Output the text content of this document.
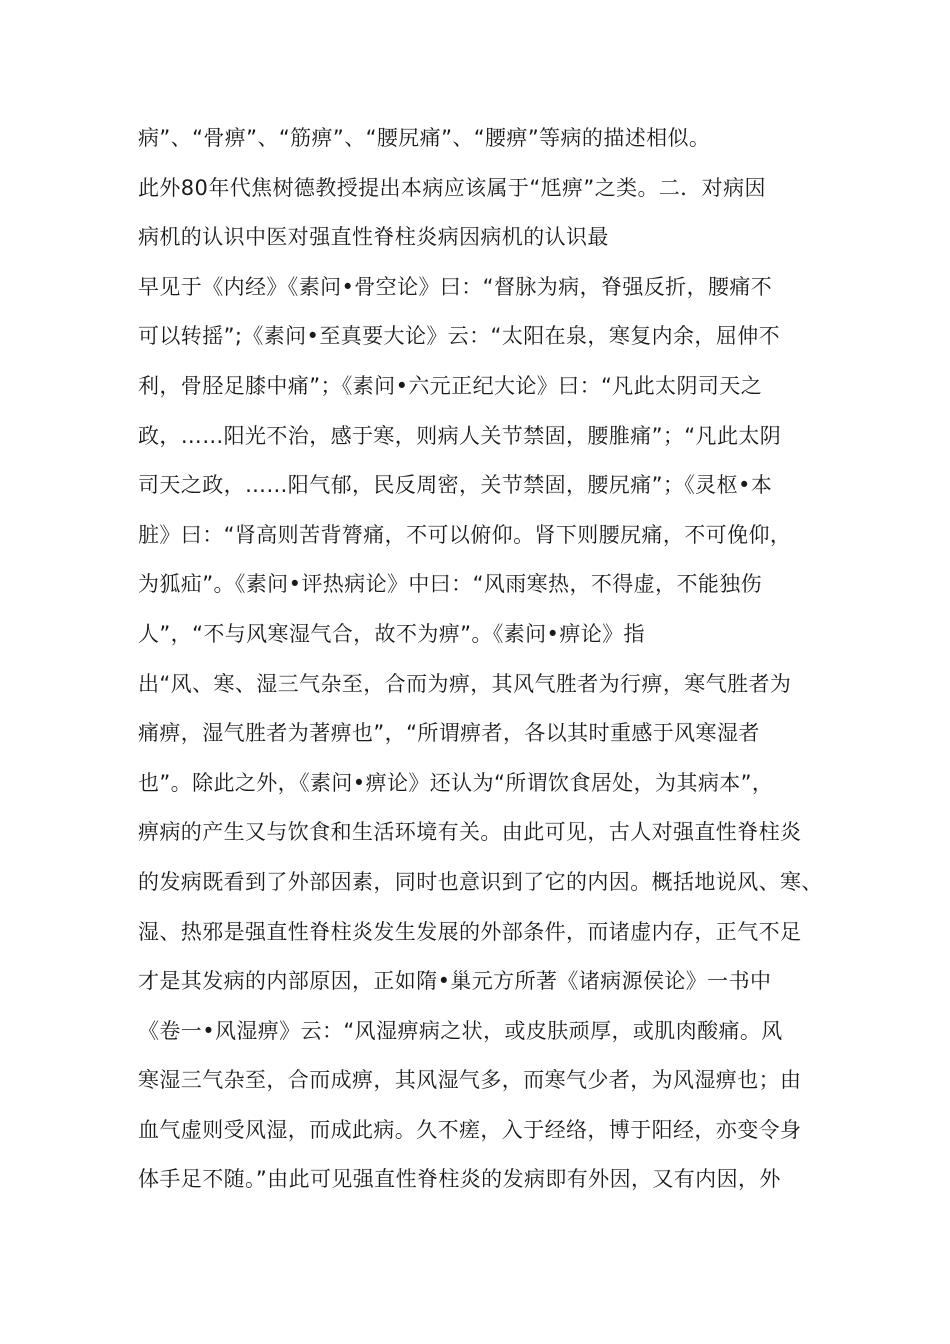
病”、“骨痹”、“筋痹”、“腰尻痛”、“腰痹”等病的描述相似。
此外80年代焦树德教授提出本病应该属于“尪痹”之类。二．对病因
病机的认识中医对强直性脊柱炎病因病机的认识最
早见于《内经》《素问•骨空论》曰：“督脉为病，脊强反折，腰痛不
可以转摇”;《素问•至真要大论》云：“太阳在泉，寒复内余，屈伸不
利，骨胫足膝中痛”；《素问•六元正纪大论》曰：“凡此太阴司天之
政，……阳光不治，感于寒，则病人关节禁固，腰脽痛”；“凡此太阴
司天之政，……阳气郁，民反周密，关节禁固，腰尻痛”；《灵枢•本
脏》曰：“肾高则苦背膂痛，不可以俯仰。肾下则腰尻痛，不可俛仰，
为狐疝”。《素问•评热病论》中曰：“风雨寒热，不得虚，不能独伤
人”，“不与风寒湿气合，故不为痹”。《素问•痹论》指
出“风、寒、湿三气杂至，合而为痹，其风气胜者为行痹，寒气胜者为
痛痹，湿气胜者为著痹也”，“所谓痹者，各以其时重感于风寒湿者
也”。除此之外，《素问•痹论》还认为“所谓饮食居处，为其病本”，
痹病的产生又与饮食和生活环境有关。由此可见，古人对强直性脊柱炎
的发病既看到了外部因素，同时也意识到了它的内因。概括地说风、寒、
湿、热邪是强直性脊柱炎发生发展的外部条件，而诸虚内存，正气不足
才是其发病的内部原因，正如隋•巢元方所著《诸病源侯论》一书中
《卷一•风湿痹》云：“风湿痹病之状，或皮肤顽厚，或肌肉酸痛。风
寒湿三气杂至，合而成痹，其风湿气多，而寒气少者，为风湿痹也；由
血气虚则受风湿，而成此病。久不瘥，入于经络，博于阳经，亦变令身
体手足不随。”由此可见强直性脊柱炎的发病即有外因，又有内因，外
